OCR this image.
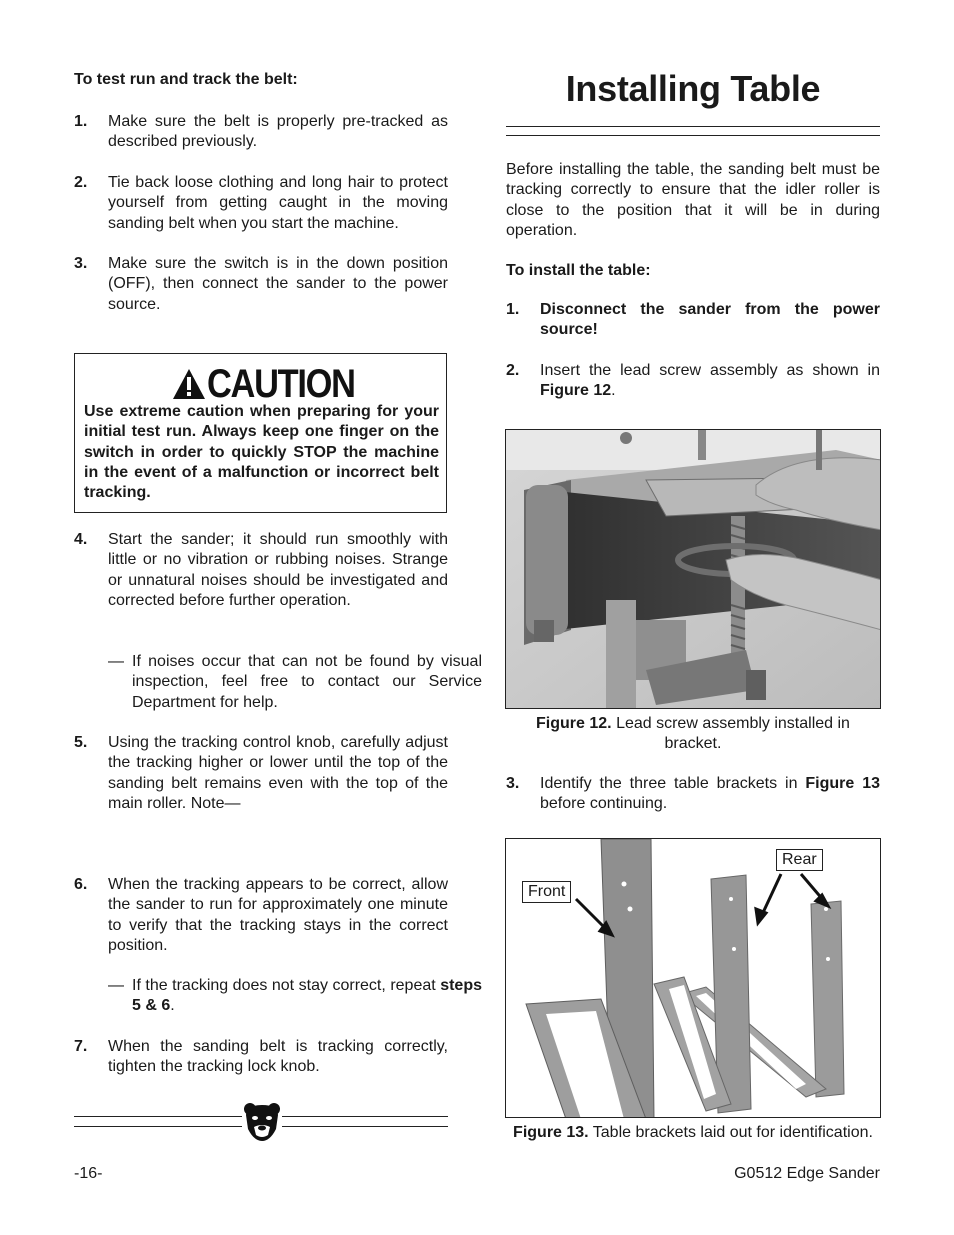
To test run and track the belt:

1.	Make sure the belt is properly pre-tracked as described previously.
2.	Tie back loose clothing and long hair to protect yourself from getting caught in the moving sanding belt when you start the machine.
3.	Make sure the switch is in the down position (OFF), then connect the sander to the power source.
CAUTION

Use extreme caution when preparing for your initial test run. Always keep one finger on the switch in order to quickly STOP the machine in the event of a malfunction or incorrect belt tracking.

4.	Start the sander; it should run smoothly with little or no vibration or rubbing noises. Strange or unnatural noises should be investigated and corrected before further operation.
— If noises occur that can not be found by visual inspection, feel free to contact our Service Department for help.
5.	Using the tracking control knob, carefully adjust the tracking higher or lower until the top of the sanding belt remains even with the top of the main roller. Note—
6.	When the tracking appears to be correct, allow the sander to run for approximately one minute to verify that the tracking stays in the correct position.
— If the tracking does not stay correct, repeat steps 5 & 6.
7.	When the sanding belt is tracking correctly, tighten the tracking lock knob.
-16-
Installing Table

Before installing the table, the sanding belt must be tracking correctly to ensure that the idler roller is close to the position that it will be in during operation.

To install the table:

1.	Disconnect the sander from the power source!
2.	Insert the lead screw assembly as shown in Figure 12.
Figure 12. Lead screw assembly installed in bracket.
3.	Identify the three table brackets in Figure 13 before continuing.
Front
Rear
Figure 13. Table brackets laid out for identification.
G0512 Edge Sander
